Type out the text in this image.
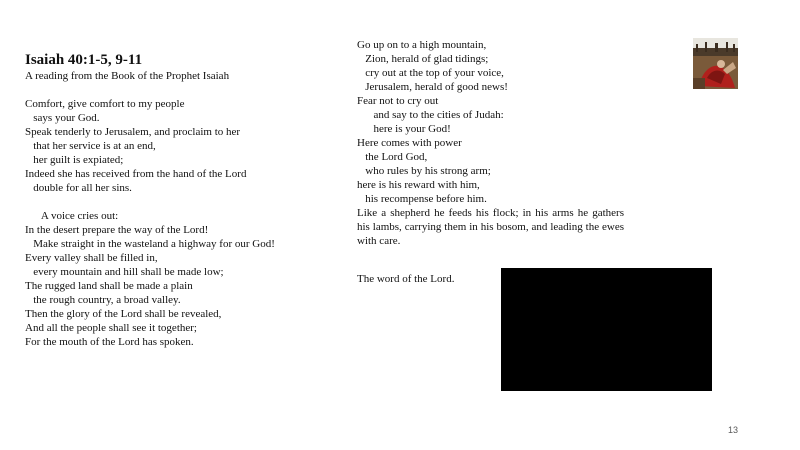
Isaiah 40:1-5, 9-11
A reading from the Book of the Prophet Isaiah
Comfort, give comfort to my people
says your God.
Speak tenderly to Jerusalem, and proclaim to her
that her service is at an end,
her guilt is expiated;
Indeed she has received from the hand of the Lord
double for all her sins.
A voice cries out:
In the desert prepare the way of the Lord!
Make straight in the wasteland a highway for our God!
Every valley shall be filled in,
every mountain and hill shall be made low;
The rugged land shall be made a plain
the rough country, a broad valley.
Then the glory of the Lord shall be revealed,
And all the people shall see it together;
For the mouth of the Lord has spoken.
Go up on to a high mountain,
Zion, herald of glad tidings;
cry out at the top of your voice,
Jerusalem, herald of good news!
Fear not to cry out
and say to the cities of Judah:
here is your God!
Here comes with power
the Lord God,
who rules by his strong arm;
here is his reward with him,
his recompense before him.
Like a shepherd he feeds his flock; in his arms he gathers his lambs, carrying them in his bosom, and leading the ewes with care.
The word of the Lord.
13
